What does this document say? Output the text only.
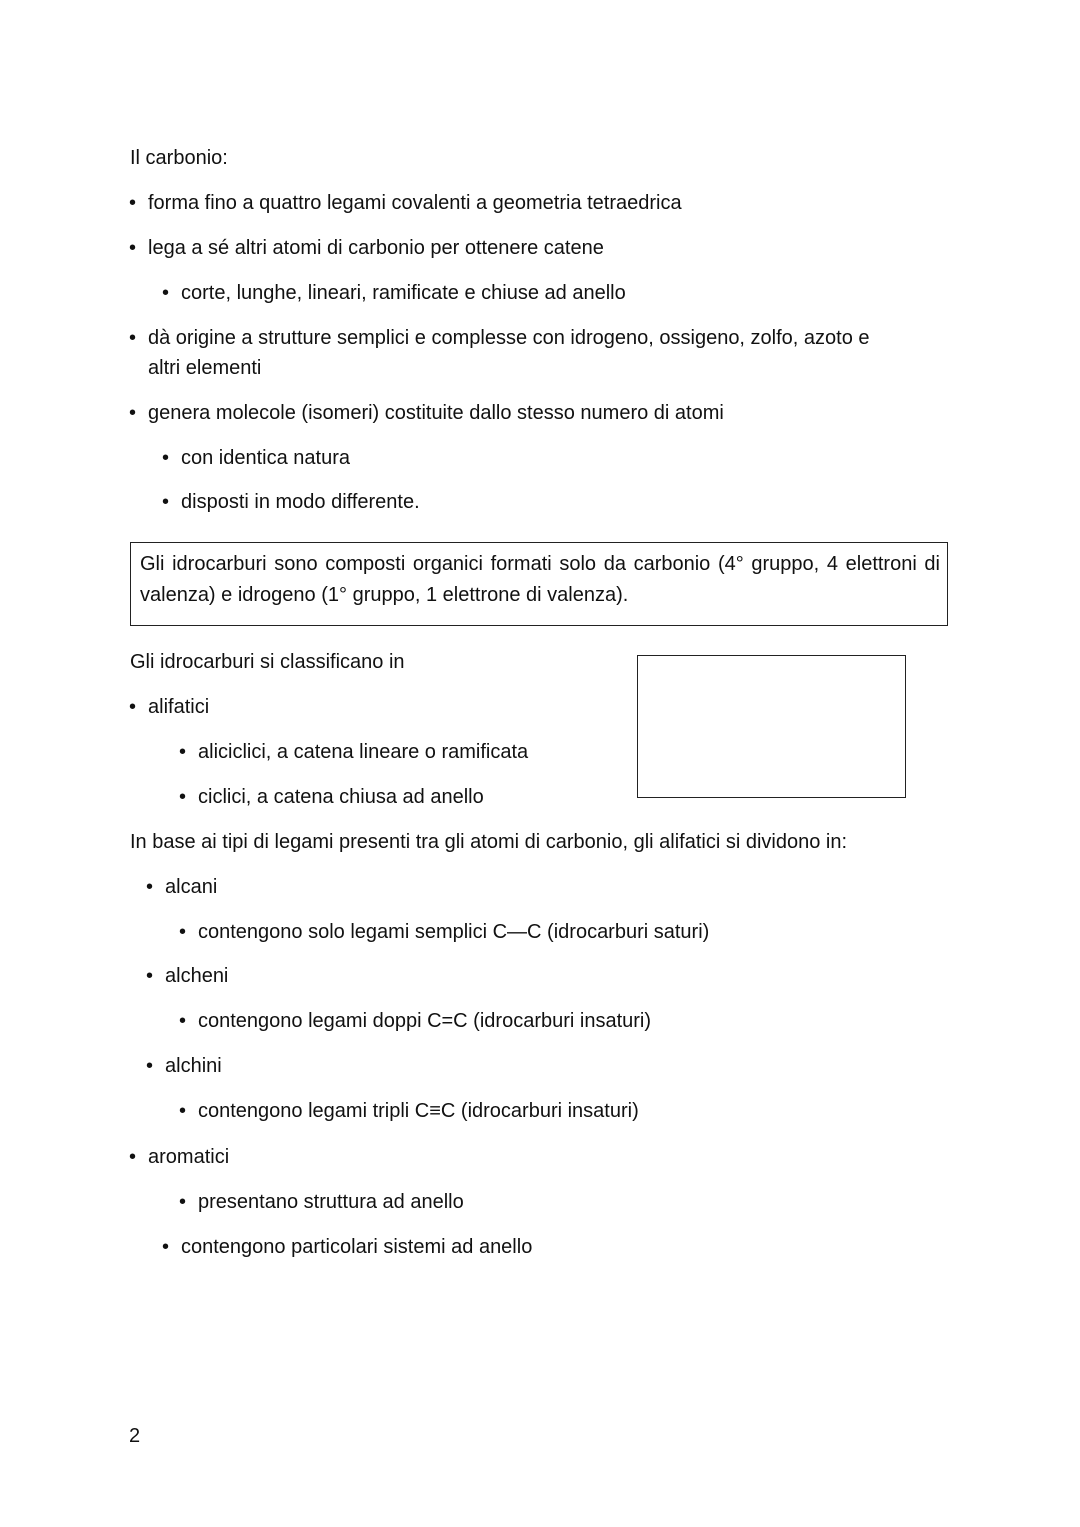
Il carbonio:
• forma fino a quattro legami covalenti a geometria tetraedrica
• lega a sé altri atomi di carbonio per ottenere catene
• corte, lunghe, lineari, ramificate e chiuse ad anello
• dà origine a strutture semplici e complesse con idrogeno, ossigeno, zolfo, azoto e
altri elementi
• genera molecole (isomeri) costituite dallo stesso numero di atomi
• con identica natura
• disposti in modo differente.
Gli idrocarburi sono composti organici formati solo da carbonio (4° gruppo, 4 elettroni di valenza) e idrogeno (1° gruppo, 1 elettrone di valenza).
Gli idrocarburi si classificano in
• alifatici
• aliciclici, a catena lineare o ramificata
• ciclici, a catena chiusa ad anello
In base ai tipi di legami presenti tra gli atomi di carbonio, gli alifatici si dividono in:
• alcani
• contengono solo legami semplici C—C (idrocarburi saturi)
• alcheni
• contengono legami doppi C=C (idrocarburi insaturi)
• alchini
• contengono legami tripli C≡C (idrocarburi insaturi)
• aromatici
• presentano struttura ad anello
• contengono particolari sistemi ad anello
2
